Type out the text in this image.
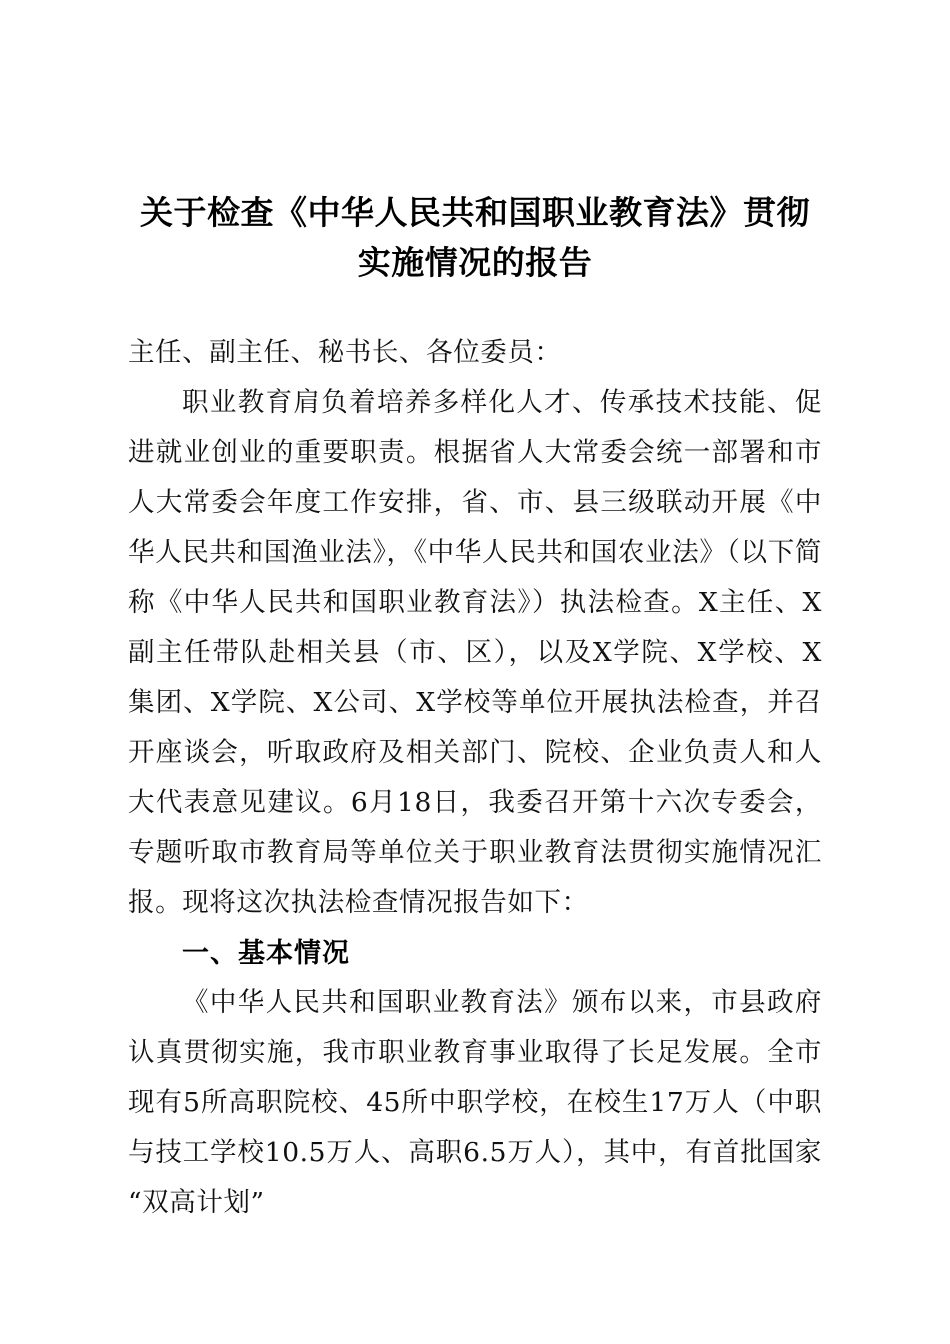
关于检查《中华人民共和国职业教育法》贯彻实施情况的报告

主任、副主任、秘书长、各位委员：

职业教育肩负着培养多样化人才、传承技术技能、促进就业创业的重要职责。根据省人大常委会统一部署和市人大常委会年度工作安排，省、市、县三级联动开展《中华人民共和国渔业法》，《中华人民共和国农业法》（以下简称《中华人民共和国职业教育法》）执法检查。X主任、X副主任带队赴相关县（市、区），以及X学院、X学校、X集团、X学院、X公司、X学校等单位开展执法检查，并召开座谈会，听取政府及相关部门、院校、企业负责人和人大代表意见建议。6月18日，我委召开第十六次专委会，专题听取市教育局等单位关于职业教育法贯彻实施情况汇报。现将这次执法检查情况报告如下：

一、基本情况

《中华人民共和国职业教育法》颁布以来，市县政府认真贯彻实施，我市职业教育事业取得了长足发展。全市现有5所高职院校、45所中职学校，在校生17万人（中职与技工学校10.5万人、高职6.5万人），其中，有首批国家“双高计划”
